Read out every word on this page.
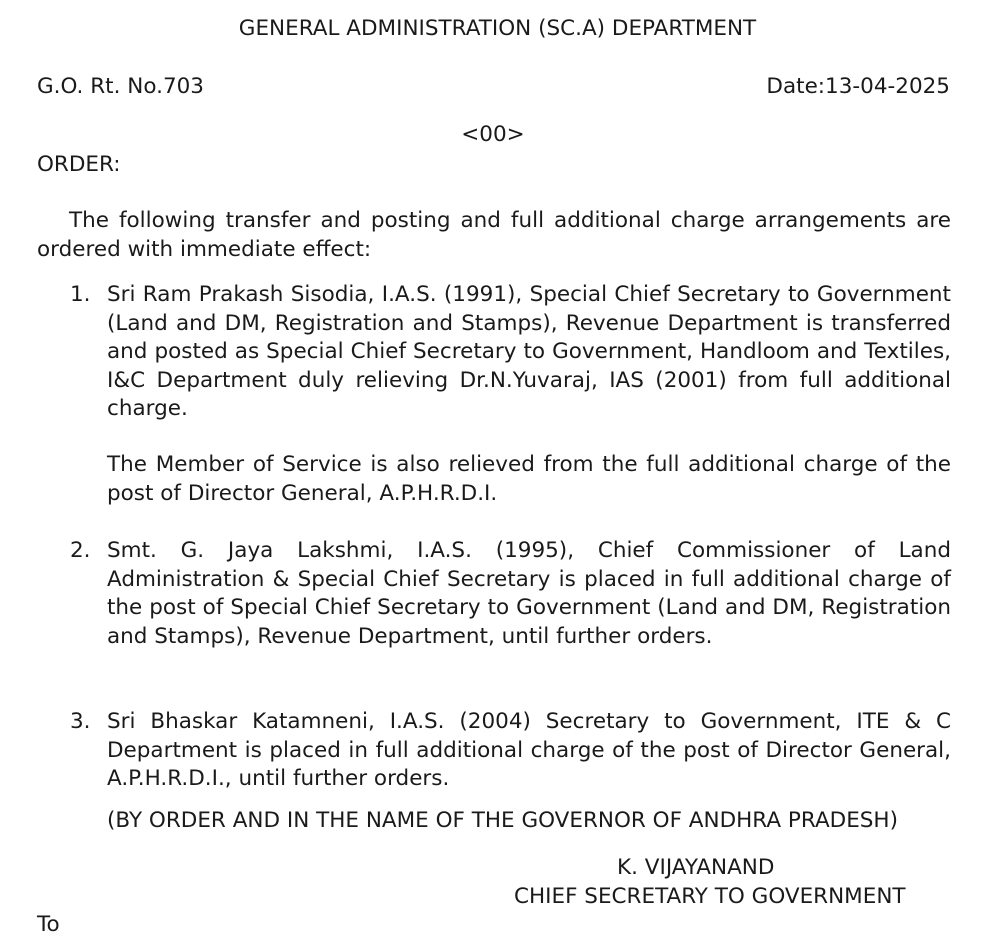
GENERAL ADMINISTRATION (SC.A) DEPARTMENT
G.O. Rt. No.703	Date:13-04-2025
<00>
ORDER:
The following transfer and posting and full additional charge arrangements are ordered with immediate effect:
1. Sri Ram Prakash Sisodia, I.A.S. (1991), Special Chief Secretary to Government (Land and DM, Registration and Stamps), Revenue Department is transferred and posted as Special Chief Secretary to Government, Handloom and Textiles, I&C Department duly relieving Dr.N.Yuvaraj, IAS (2001) from full additional charge.
The Member of Service is also relieved from the full additional charge of the post of Director General, A.P.H.R.D.I.
2. Smt. G. Jaya Lakshmi, I.A.S. (1995), Chief Commissioner of Land Administration & Special Chief Secretary is placed in full additional charge of the post of Special Chief Secretary to Government (Land and DM, Registration and Stamps), Revenue Department, until further orders.
3. Sri Bhaskar Katamneni, I.A.S. (2004) Secretary to Government, ITE & C Department is placed in full additional charge of the post of Director General, A.P.H.R.D.I., until further orders.
(BY ORDER AND IN THE NAME OF THE GOVERNOR OF ANDHRA PRADESH)
K. VIJAYANAND
CHIEF SECRETARY TO GOVERNMENT
To
